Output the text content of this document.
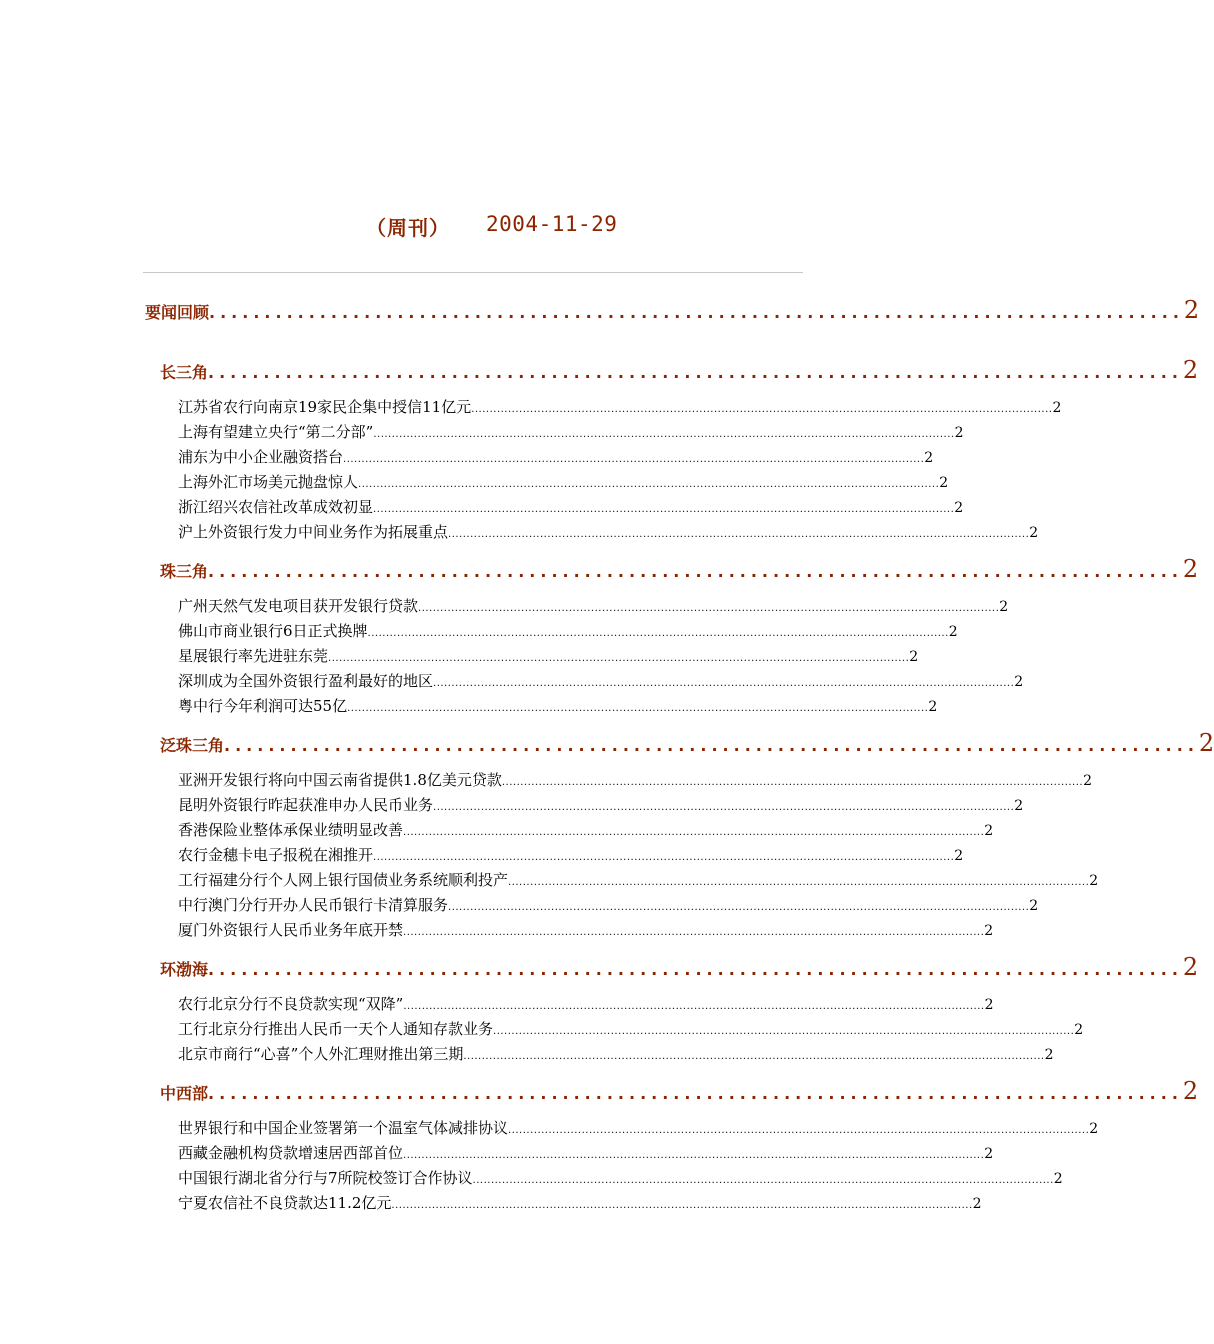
（周刊） 2004-11-29
要闻回顾 ........................................................................................ 2
长三角 ........................................................................................ 2
江苏省农行向南京19家民企集中授信11亿元 .............................................................................................................................................................. 2
上海有望建立央行“第二分部” .............................................................................................................................................................. 2
浦东为中小企业融资搭台 .............................................................................................................................................................. 2
上海外汇市场美元抛盘惊人 .............................................................................................................................................................. 2
浙江绍兴农信社改革成效初显 .............................................................................................................................................................. 2
沪上外资银行发力中间业务作为拓展重点 .............................................................................................................................................................. 2
珠三角 ........................................................................................ 2
广州天然气发电项目获开发银行贷款 .............................................................................................................................................................. 2
佛山市商业银行6日正式换牌 .............................................................................................................................................................. 2
星展银行率先进驻东莞 .............................................................................................................................................................. 2
深圳成为全国外资银行盈利最好的地区 .............................................................................................................................................................. 2
粤中行今年利润可达55亿 .............................................................................................................................................................. 2
泛珠三角 ........................................................................................ 2
亚洲开发银行将向中国云南省提供1.8亿美元贷款 .............................................................................................................................................................. 2
昆明外资银行昨起获准申办人民币业务 .............................................................................................................................................................. 2
香港保险业整体承保业绩明显改善 .............................................................................................................................................................. 2
农行金穗卡电子报税在湘推开 .............................................................................................................................................................. 2
工行福建分行个人网上银行国债业务系统顺利投产 .............................................................................................................................................................. 2
中行澳门分行开办人民币银行卡清算服务 .............................................................................................................................................................. 2
厦门外资银行人民币业务年底开禁 .............................................................................................................................................................. 2
环渤海 ........................................................................................ 2
农行北京分行不良贷款实现“双降” .............................................................................................................................................................. 2
工行北京分行推出人民币一天个人通知存款业务 .............................................................................................................................................................. 2
北京市商行“心喜”个人外汇理财推出第三期 .............................................................................................................................................................. 2
中西部 ........................................................................................ 2
世界银行和中国企业签署第一个温室气体减排协议 .............................................................................................................................................................. 2
西藏金融机构贷款增速居西部首位 .............................................................................................................................................................. 2
中国银行湖北省分行与7所院校签订合作协议 .............................................................................................................................................................. 2
宁夏农信社不良贷款达11.2亿元 .............................................................................................................................................................. 2
